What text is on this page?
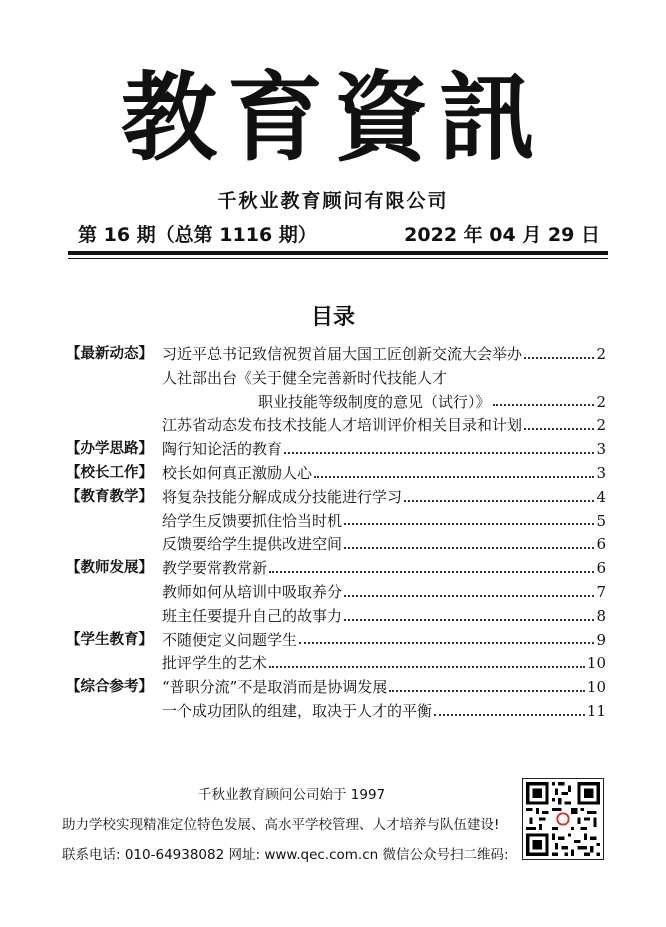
教育資訊
千秋业教育顾问有限公司
第 16 期（总第 1116 期）	2022 年 04 月 29 日
目录
【最新动态】 习近平总书记致信祝贺首届大国工匠创新交流大会举办	2
人社部出台《关于健全完善新时代技能人才
职业技能等级制度的意见（试行）》	2
江苏省动态发布技术技能人才培训评价相关目录和计划	2
【办学思路】 陶行知论活的教育	3
【校长工作】 校长如何真正激励人心	3
【教育教学】 将复杂技能分解成成分技能进行学习	4
给学生反馈要抓住恰当时机	5
反馈要给学生提供改进空间	6
【教师发展】 教学要常教常新	6
教师如何从培训中吸取养分	7
班主任要提升自己的故事力	8
【学生教育】 不随便定义问题学生	9
批评学生的艺术	10
【综合参考】 “普职分流”不是取消而是协调发展	10
一个成功团队的组建，取决于人才的平衡	11
千秋业教育顾问公司始于 1997
助力学校实现精准定位特色发展、高水平学校管理、人才培养与队伍建设!
联系电话: 010-64938082 网址: www.qec.com.cn 微信公众号扫二维码:
